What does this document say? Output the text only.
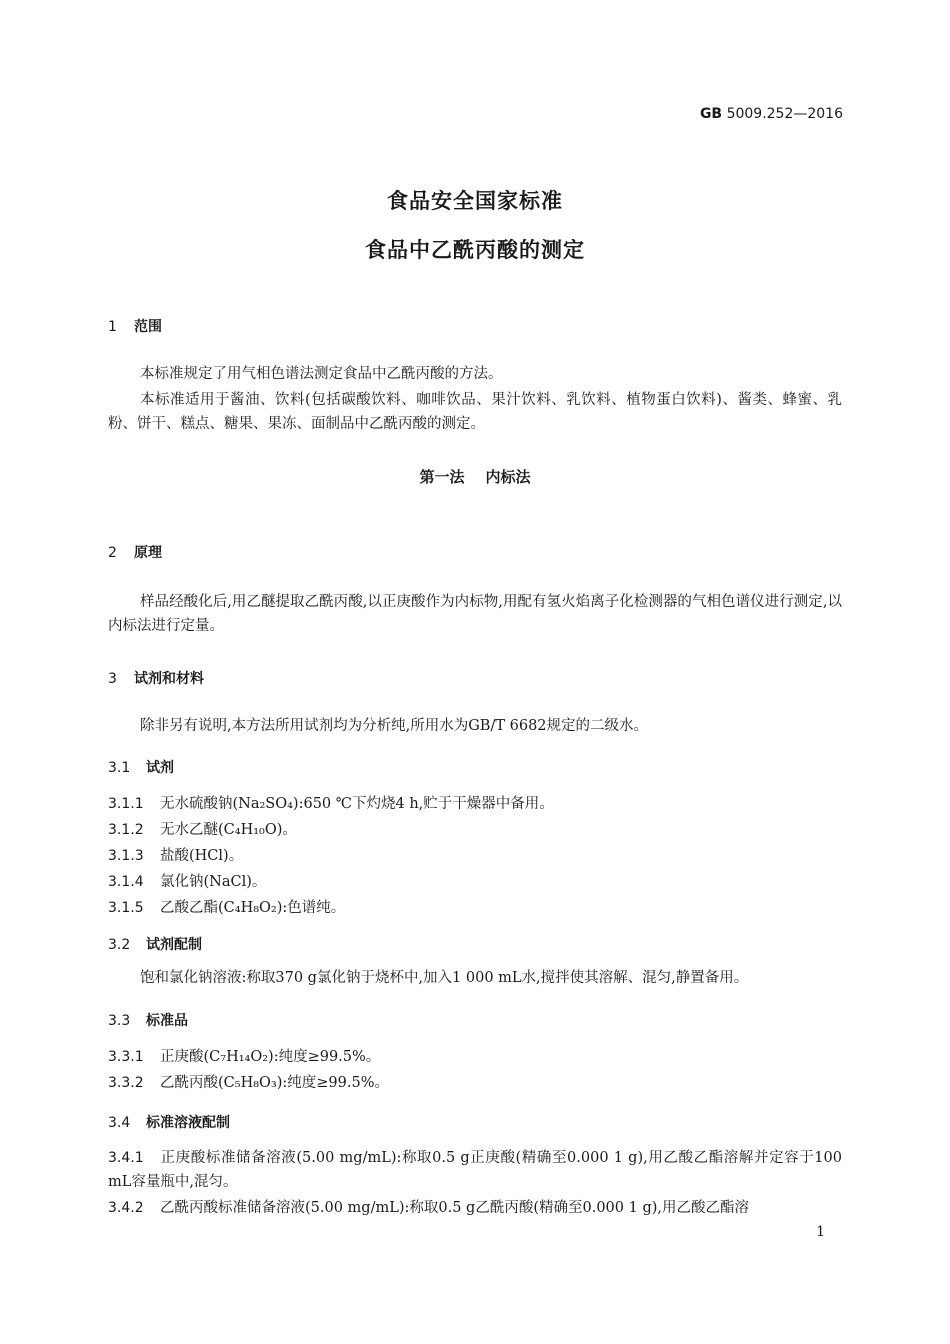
GB 5009.252—2016
食品安全国家标准
食品中乙酰丙酸的测定
1 范围
本标准规定了用气相色谱法测定食品中乙酰丙酸的方法。
本标准适用于酱油、饮料(包括碳酸饮料、咖啡饮品、果汁饮料、乳饮料、植物蛋白饮料)、酱类、蜂蜜、乳粉、饼干、糕点、糖果、果冻、面制品中乙酰丙酸的测定。
第一法 内标法
2 原理
样品经酸化后,用乙醚提取乙酰丙酸,以正庚酸作为内标物,用配有氢火焰离子化检测器的气相色谱仪进行测定,以内标法进行定量。
3 试剂和材料
除非另有说明,本方法所用试剂均为分析纯,所用水为GB/T 6682规定的二级水。
3.1 试剂
3.1.1 无水硫酸钠(Na₂SO₄):650 ℃下灼烧4 h,贮于干燥器中备用。
3.1.2 无水乙醚(C₄H₁₀O)。
3.1.3 盐酸(HCl)。
3.1.4 氯化钠(NaCl)。
3.1.5 乙酸乙酯(C₄H₈O₂):色谱纯。
3.2 试剂配制
饱和氯化钠溶液:称取370 g氯化钠于烧杯中,加入1 000 mL水,搅拌使其溶解、混匀,静置备用。
3.3 标准品
3.3.1 正庚酸(C₇H₁₄O₂):纯度≥99.5%。
3.3.2 乙酰丙酸(C₅H₈O₃):纯度≥99.5%。
3.4 标准溶液配制
3.4.1 正庚酸标准储备溶液(5.00 mg/mL):称取0.5 g正庚酸(精确至0.000 1 g),用乙酸乙酯溶解并定容于100 mL容量瓶中,混匀。
3.4.2 乙酰丙酸标准储备溶液(5.00 mg/mL):称取0.5 g乙酰丙酸(精确至0.000 1 g),用乙酸乙酯溶
1
